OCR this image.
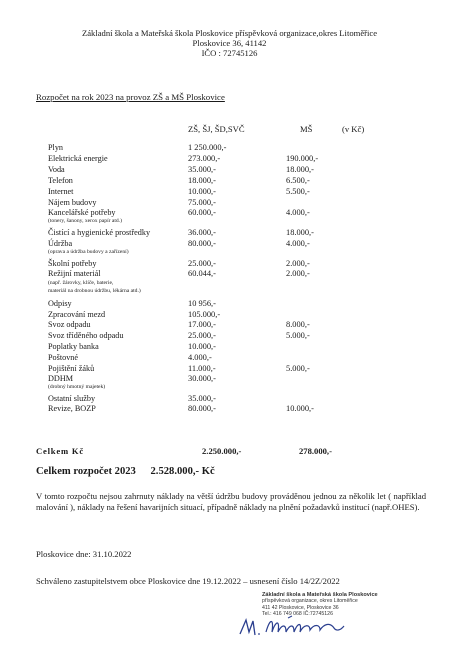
Základní škola a Mateřská škola Ploskovice příspěvková organizace,okres Litoměřice
Ploskovice 36, 41142
IČO : 72745126
Rozpočet na rok 2023 na provoz ZŠ a MŠ Ploskovice
ZŠ, ŠJ, ŠD,SVČ	MŠ	(v Kč)
Plyn	1 250.000,-
Elektrická energie	273.000,-	190.000,-
Voda	35.000,-	18.000,-
Telefon	18.000,-	6.500,-
Internet	10.000,-	5.500,-
Nájem budovy	75.000,-
Kancelářské potřeby	60.000,-	4.000,-
(tonery, šanony, xerox papír atd.)
Čistící a hygienické prostředky	36.000,-	18.000,-
Údržba	80.000,-	4.000,-
(oprava a údržba budovy a zařízení)
Školní potřeby	25.000,-	2.000,-
Režijní materiál	60.044,-	2.000,-
(např. žárovky, klíče, baterie,
materiál na drobnou údržbu, lékárna atd.)
Odpisy	10 956,-
Zpracování mezd	105.000,-
Svoz odpadu	17.000,-	8.000,-
Svoz tříděného odpadu	25.000,-	5.000,-
Poplatky banka	10.000,-
Poštovné	4.000,-
Pojištění žáků	11.000,-	5.000,-
DDHM	30.000,-
(drobný hmotný majetek)
Ostatní služby	35.000,-
Revize, BOZP	80.000,-	10.000,-
Celkem Kč	2.250.000,-	278.000,-
Celkem rozpočet 2023 2.528.000,- Kč
V tomto rozpočtu nejsou zahrnuty náklady na větší údržbu budovy prováděnou jednou za několik let ( například malování ), náklady na řešení havarijních situací, případně náklady na plnění požadavků institucí (např.OHES).
Ploskovice dne: 31.10.2022
Schváleno zastupitelstvem obce Ploskovice dne 19.12.2022 – usnesení číslo 14/2Z/2022
Základní škola a Mateřská škola Ploskovice
příspěvková organizace, okres Litoměřice
411 42 Ploskovice, Ploskovice 36
Tel.: 416 749 068 IČ:72745126
